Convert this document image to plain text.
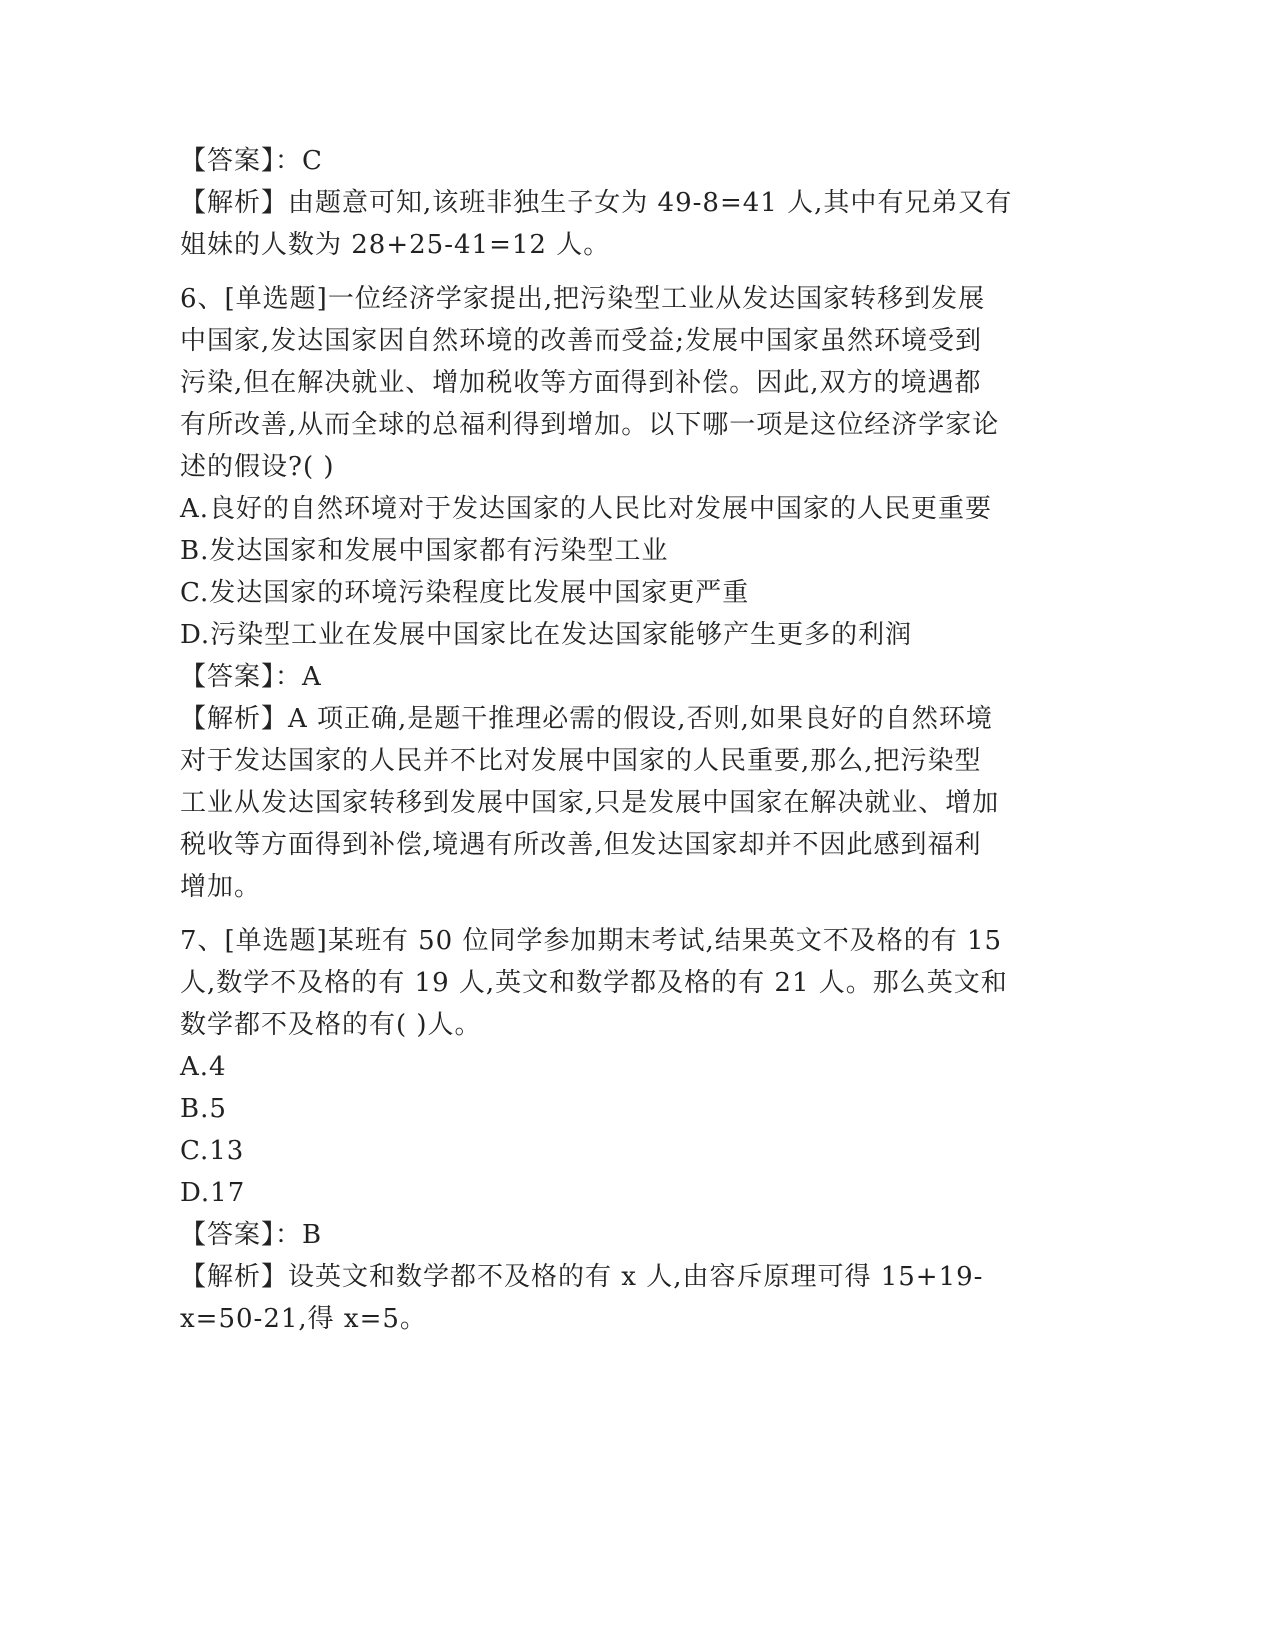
【答案】：C
【解析】由题意可知,该班非独生子女为 49-8=41 人,其中有兄弟又有
姐妹的人数为 28+25-41=12 人。
6、[单选题]一位经济学家提出,把污染型工业从发达国家转移到发展
中国家,发达国家因自然环境的改善而受益;发展中国家虽然环境受到
污染,但在解决就业、增加税收等方面得到补偿。因此,双方的境遇都
有所改善,从而全球的总福利得到增加。以下哪一项是这位经济学家论
述的假设?( )
A.良好的自然环境对于发达国家的人民比对发展中国家的人民更重要
B.发达国家和发展中国家都有污染型工业
C.发达国家的环境污染程度比发展中国家更严重
D.污染型工业在发展中国家比在发达国家能够产生更多的利润
【答案】：A
【解析】A 项正确,是题干推理必需的假设,否则,如果良好的自然环境
对于发达国家的人民并不比对发展中国家的人民重要,那么,把污染型
工业从发达国家转移到发展中国家,只是发展中国家在解决就业、增加
税收等方面得到补偿,境遇有所改善,但发达国家却并不因此感到福利
增加。
7、[单选题]某班有 50 位同学参加期末考试,结果英文不及格的有 15
人,数学不及格的有 19 人,英文和数学都及格的有 21 人。那么英文和
数学都不及格的有( )人。
A.4
B.5
C.13
D.17
【答案】：B
【解析】设英文和数学都不及格的有 x 人,由容斥原理可得 15+19-
x=50-21,得 x=5。
